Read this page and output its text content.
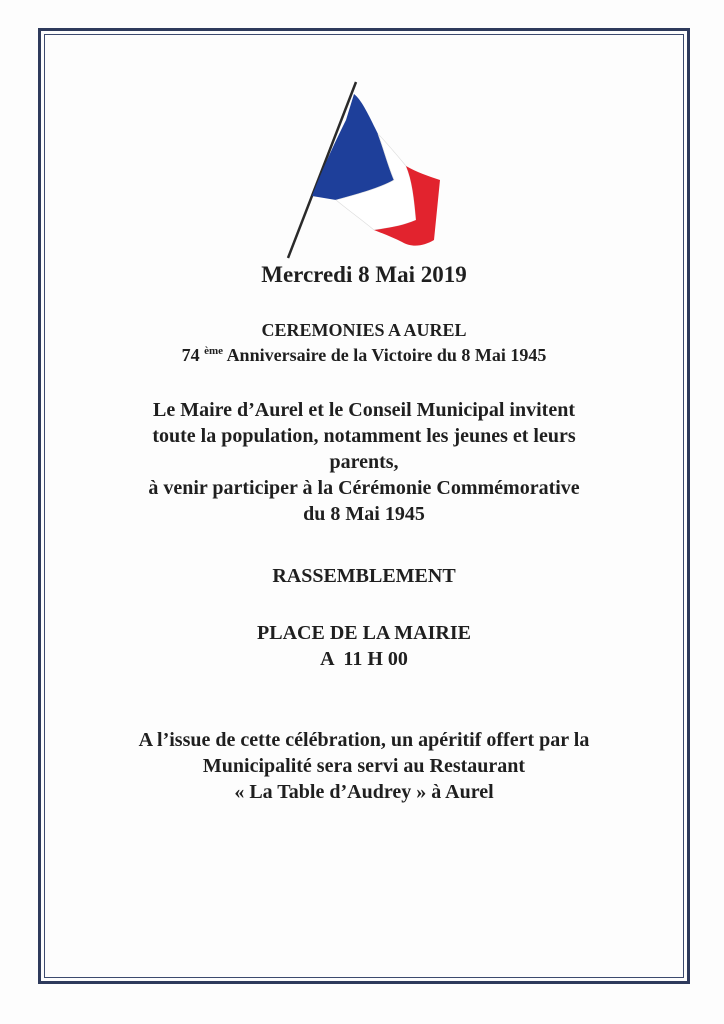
Mercredi 8 Mai 2019
CEREMONIES A AUREL
74 $^{ème}$ Anniversaire de la Victoire du 8 Mai 1945
Le Maire d’Aurel et le Conseil Municipal invitent
toute la population, notamment les jeunes et leurs
parents,
à venir participer à la Cérémonie Commémorative
du 8 Mai 1945
RASSEMBLEMENT
PLACE DE LA MAIRIE
A  11 H 00
A l’issue de cette célébration, un apéritif offert par la
Municipalité sera servi au Restaurant
« La Table d’Audrey » à Aurel
